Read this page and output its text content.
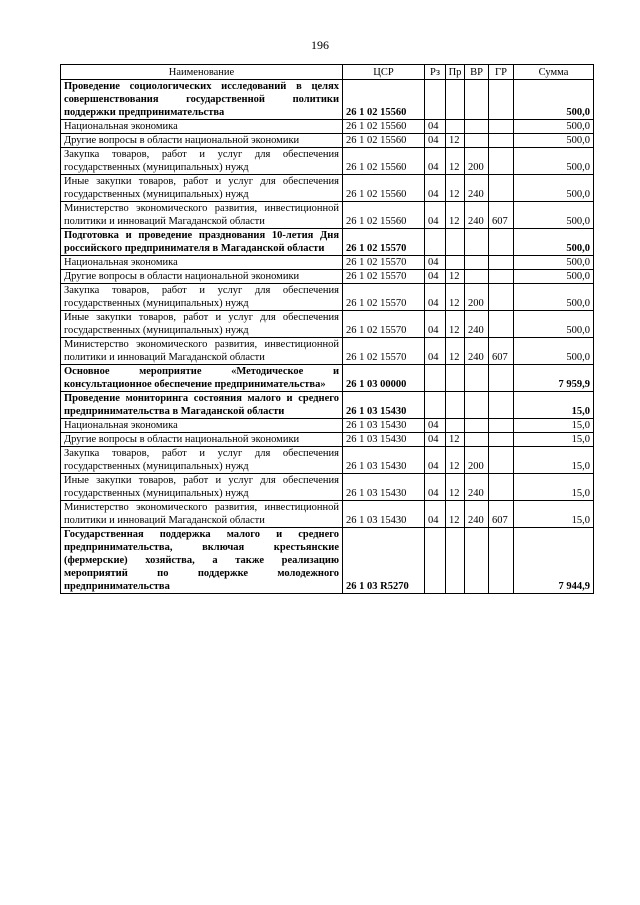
196
Наименование	ЦСР	Рз	Пр	ВР	ГР	Сумма
Проведение социологических исследований в целях совершенствования государственной политики поддержки предпринимательства	26 1 02 15560					500,0
Национальная экономика	26 1 02 15560	04				500,0
Другие вопросы в области национальной экономики	26 1 02 15560	04	12			500,0
Закупка товаров, работ и услуг для обеспечения государственных (муниципальных) нужд	26 1 02 15560	04	12	200		500,0
Иные закупки товаров, работ и услуг для обеспечения государственных (муниципальных) нужд	26 1 02 15560	04	12	240		500,0
Министерство экономического развития, инвестиционной политики и инноваций Магаданской области	26 1 02 15560	04	12	240	607	500,0
Подготовка и проведение празднования 10-летия Дня российского предпринимателя в Магаданской области	26 1 02 15570					500,0
Национальная экономика	26 1 02 15570	04				500,0
Другие вопросы в области национальной экономики	26 1 02 15570	04	12			500,0
Закупка товаров, работ и услуг для обеспечения государственных (муниципальных) нужд	26 1 02 15570	04	12	200		500,0
Иные закупки товаров, работ и услуг для обеспечения государственных (муниципальных) нужд	26 1 02 15570	04	12	240		500,0
Министерство экономического развития, инвестиционной политики и инноваций Магаданской области	26 1 02 15570	04	12	240	607	500,0
Основное мероприятие «Методическое и консультационное обеспечение предпринимательства»	26 1 03 00000					7 959,9
Проведение мониторинга состояния малого и среднего предпринимательства в Магаданской области	26 1 03 15430					15,0
Национальная экономика	26 1 03 15430	04				15,0
Другие вопросы в области национальной экономики	26 1 03 15430	04	12			15,0
Закупка товаров, работ и услуг для обеспечения государственных (муниципальных) нужд	26 1 03 15430	04	12	200		15,0
Иные закупки товаров, работ и услуг для обеспечения государственных (муниципальных) нужд	26 1 03 15430	04	12	240		15,0
Министерство экономического развития, инвестиционной политики и инноваций Магаданской области	26 1 03 15430	04	12	240	607	15,0
Государственная поддержка малого и среднего предпринимательства, включая крестьянские (фермерские) хозяйства, а также реализацию мероприятий по поддержке молодежного предпринимательства	26 1 03 R5270					7 944,9
